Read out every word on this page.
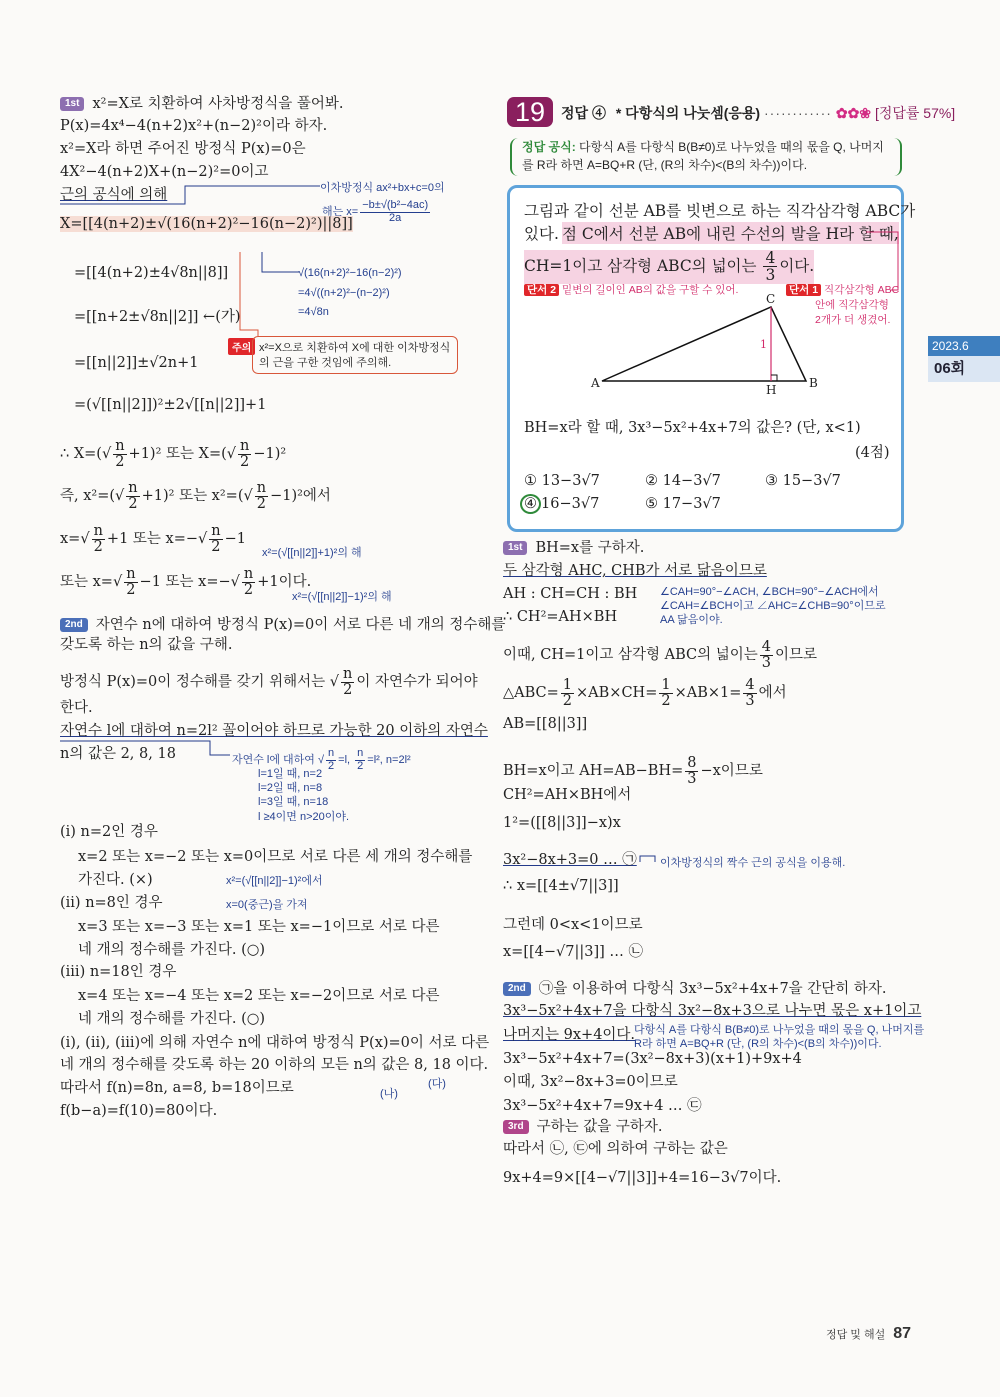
19	정답 ④ * 다항식의 나눗셈(응용) ············ ✿✿❀ [정답률 57%]
정답 공식: 다항식 A를 다항식 B(B≠0)로 나누었을 때의 몫을 Q, 나머지를 R라 하면 A=BQ+R (단, (R의 차수)<(B의 차수))이다.
그림과 같이 선분 AB를 빗변으로 하는 직각삼각형 ABC가
있다. 점 C에서 선분 AB에 내린 수선의 발을 H라 할 때,
CH=1이고 삼각형 ABC의 넓이는 $\frac{4}{3}$ 이다.
단서 2 밑변의 길이인 AB의 값을 구할 수 있어.	단서 1 직각삼각형 ABC
안에 직각삼각형
2개가 더 생겼어.
C
A	B
H
1
BH=x라 할 때, 3x³−5x²+4x+7의 값은? (단, x<1)
(4점)
① 13−3√7	② 14−3√7	③ 15−3√7
④ 16−3√7	⑤ 17−3√7
주의 x²=X으로 치환하여 X에 대한 이차방정식의 근을 구한 것임에 주의해.
1st x²=X로 치환하여 사차방정식을 풀어봐.
P(x)=4x⁴−4(n+2)x²+(n−2)²이라 하자.
x²=X라 하면 주어진 방정식 P(x)=0은
4X²−4(n+2)X+(n−2)²=0이고
근의 공식에 의해
X=[[4(n+2)±√(16(n+2)²−16(n−2)²)||8]]
=[[4(n+2)±4√8n||8]]
=[[n+2±√8n||2]] ←(가)
=[[n||2]]±√2n+1
=(√[[n||2]])²±2√[[n||2]]+1
∴ $X=(√ \frac{n}{2} +1)^2$ 또는 $X=(√ \frac{n}{2} -1)^2$
즉, $x^2=(√ \frac{n}{2} +1)^2$ 또는 $x^2=(√ \frac{n}{2} -1)^2$에서
$x=√ \frac{n}{2} +1$ 또는 $x=-√ \frac{n}{2} -1$
또는 $x=√ \frac{n}{2} -1$ 또는 $x=-√ \frac{n}{2} +1$이다.
2nd 자연수 n에 대하여 방정식 P(x)=0이 서로 다른 네 개의 정수해를
갖도록 하는 n의 값을 구해.
방정식 P(x)=0이 정수해를 갖기 위해서는 √ $\frac{n}{2}$ 이 자연수가 되어야
한다.
자연수 l에 대하여 n=2l² 꼴이어야 하므로 가능한 20 이하의 자연수
n의 값은 2, 8, 18
(i) n=2인 경우
x=2 또는 x=−2 또는 x=0이므로 서로 다른 세 개의 정수해를
가진다. (×)
(ii) n=8인 경우
x=3 또는 x=−3 또는 x=1 또는 x=−1이므로 서로 다른
네 개의 정수해를 가진다. (○)
(iii) n=18인 경우
x=4 또는 x=−4 또는 x=2 또는 x=−2이므로 서로 다른
네 개의 정수해를 가진다. (○)
(i), (ii), (iii)에 의해 자연수 n에 대하여 방정식 P(x)=0이 서로 다른
네 개의 정수해를 갖도록 하는 20 이하의 모든 n의 값은 8, 18 이다.
따라서 f(n)=8n, a=8, b=18이므로
f(b−a)=f(10)=80이다.
이차방정식 ax²+bx+c=0의
해는 $x= \frac{\text{−b±√(b²−4ac)}}{2a}$
√(16(n+2)²−16(n−2)²)
=4√((n+2)²−(n−2)²)
=4√8n
x²=(√[[n||2]]+1)²의 해
x²=(√[[n||2]]−1)²의 해
자연수 l에 대하여 √ $\frac{n}{2} =l$, $\frac{n}{2} =l^2$, n=2l²
l=1일 때, n=2
l=2일 때, n=8
l=3일 때, n=18
l ≥4이면 n>20이야.
x²=(√[[n||2]]−1)²에서
x=0(중근)을 가져
(나)
(다)
1st BH=x를 구하자.
두 삼각형 AHC, CHB가 서로 닮음이므로
AH : CH=CH : BH
∴ CH²=AH×BH
이때, CH=1이고 삼각형 ABC의 넓이는 $\frac{4}{3}$ 이므로
△ABC= $\frac{1}{2} \times AB\times CH= \frac{1}{2} \times AB\times 1= \frac{4}{3}$ 에서
AB=[[8||3]]
BH=x이고 $AH=AB-BH= \frac{8}{3} -x$이므로
CH²=AH×BH에서
1²=([[8||3]]−x)x
3x²−8x+3=0 … ㉠
∴ x=[[4±√7||3]]
그런데 0<x<1이므로
x=[[4−√7||3]] … ㉡
2nd ㉠을 이용하여 다항식 3x³−5x²+4x+7을 간단히 하자.
3x³−5x²+4x+7을 다항식 3x²−8x+3으로 나누면 몫은 x+1이고
나머지는 9x+4이다.
3x³−5x²+4x+7=(3x²−8x+3)(x+1)+9x+4
이때, 3x²−8x+3=0이므로
3x³−5x²+4x+7=9x+4 … ㉢
3rd 구하는 값을 구하자.
따라서 ㉡, ㉢에 의하여 구하는 값은
9x+4=9×[[4−√7||3]]+4=16−3√7이다.
∠CAH=90°−∠ACH, ∠BCH=90°−∠ACH에서
∠CAH=∠BCH이고 ∠AHC=∠CHB=90°이므로
AA 닮음이야.
이차방정식의 짝수 근의 공식을 이용해.
다항식 A를 다항식 B(B≠0)로 나누었을 때의 몫을 Q, 나머지를
R라 하면 A=BQ+R (단, (R의 차수)<(B의 차수))이다.
2023.6
06회
정답 및 해설 87
